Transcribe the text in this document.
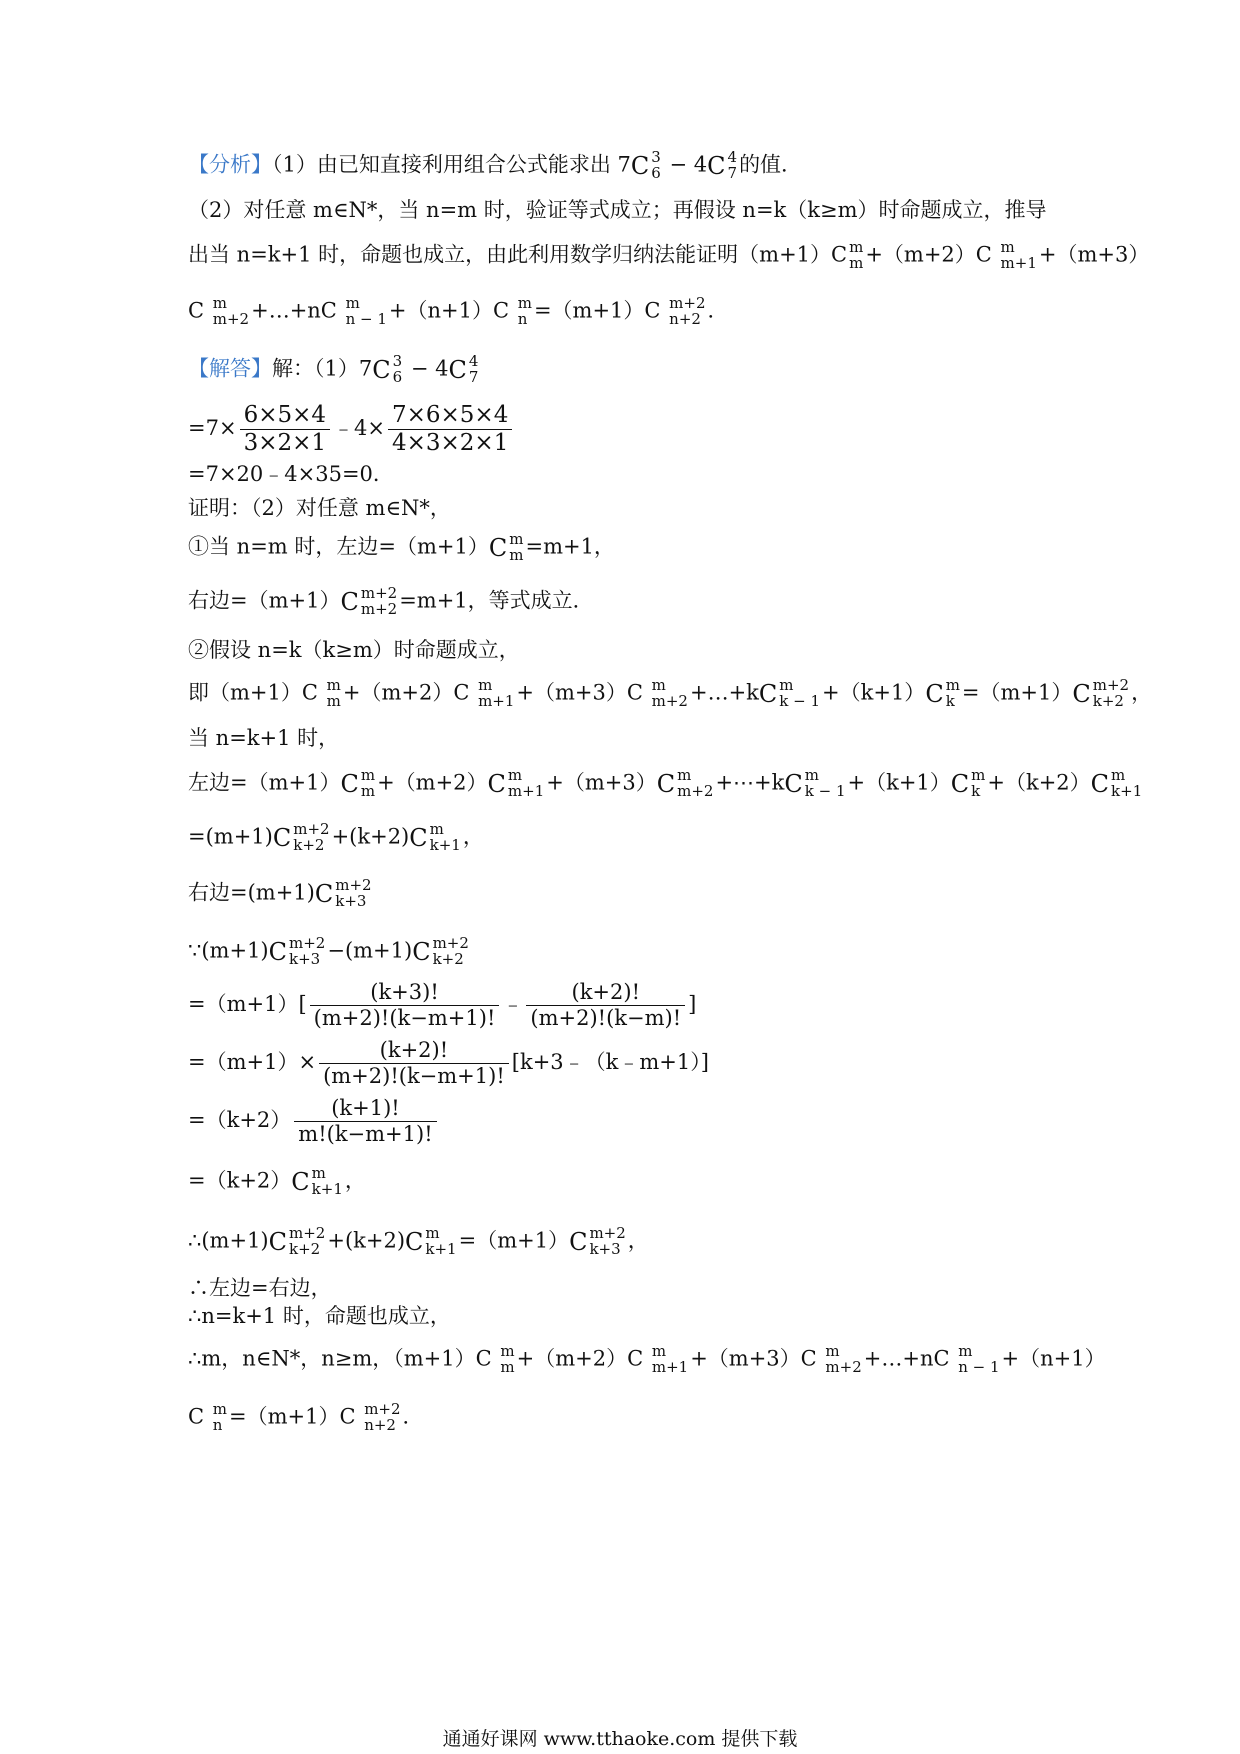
【分析】（1）由已知直接利用组合公式能求出 7C 3
6 − 4C 4
7 的值．
（2）对任意 m∈N*，当 n=m 时，验证等式成立；再假设 n=k（k≥m）时命题成立，推导
出当 n=k+1 时，命题也成立，由此利用数学归纳法能证明（m+1）C m
m +（m+2）C m
m+1 +（m+3）
C m
m+2 +…+nC m
n − 1 +（n+1）C m
n =（m+1）C m+2
n+2 ．
【解答】解：（1）7C 3
6 − 4C 4
7
$=7\times \frac{6\times 5\times 4}{3\times 2\times 1}$ ﹣4× $\frac{7\times 6\times 5\times 4}{4\times 3\times 2\times 1}$
=7×20﹣4×35=0．
证明：（2）对任意 m∈N*，
①当 n=m 时，左边=（m+1）C m
m =m+1，
右边=（m+1）C m+2
m+2 =m+1，等式成立．
②假设 n=k（k≥m）时命题成立，
即（m+1）C m
m +（m+2）C m
m+1 +（m+3）C m
m+2 +…+kC m
k − 1 +（k+1）C m
k =（m+1）C m+2
k+2 ，
当 n=k+1 时，
左边=（m+1）C m
m +（m+2）C m
m+1 +（m+3）C m
m+2 +⋯+kC m
k − 1 +（k+1）C m
k +（k+2）C m
k+1
=(m+1)C m+2
k+2 +(k+2)C m
k+1 ，
右边=(m+1)C m+2
k+3
∵(m+1)C m+2
k+3 −(m+1)C m+2
k+2
$=(m+1)[ \frac{(k+3)!}{(m+2)!(k-m+1)!}$ ﹣ $\frac{(k+2)!}{(m+2)!(k-m)!}$ ]
$=(m+1)\times \frac{(k+2)!}{(m+2)!(k-m+1)!}$ [k+3﹣（k﹣m+1）]
$=(k+2) \frac{(k+1)!}{m!(k-m+1)!}$
=（k+2）C m
k+1 ，
∴(m+1)C m+2
k+2 +(k+2)C m
k+1 =（m+1）C m+2
k+3 ，
∴左边=右边，
∴n=k+1 时，命题也成立，
∴m，n∈N*，n≥m，（m+1）C m
m +（m+2）C m
m+1 +（m+3）C m
m+2 +…+nC m
n − 1 +（n+1）
C m
n =（m+1）C m+2
n+2 ．
通通好课网 www.tthaoke.com 提供下载
